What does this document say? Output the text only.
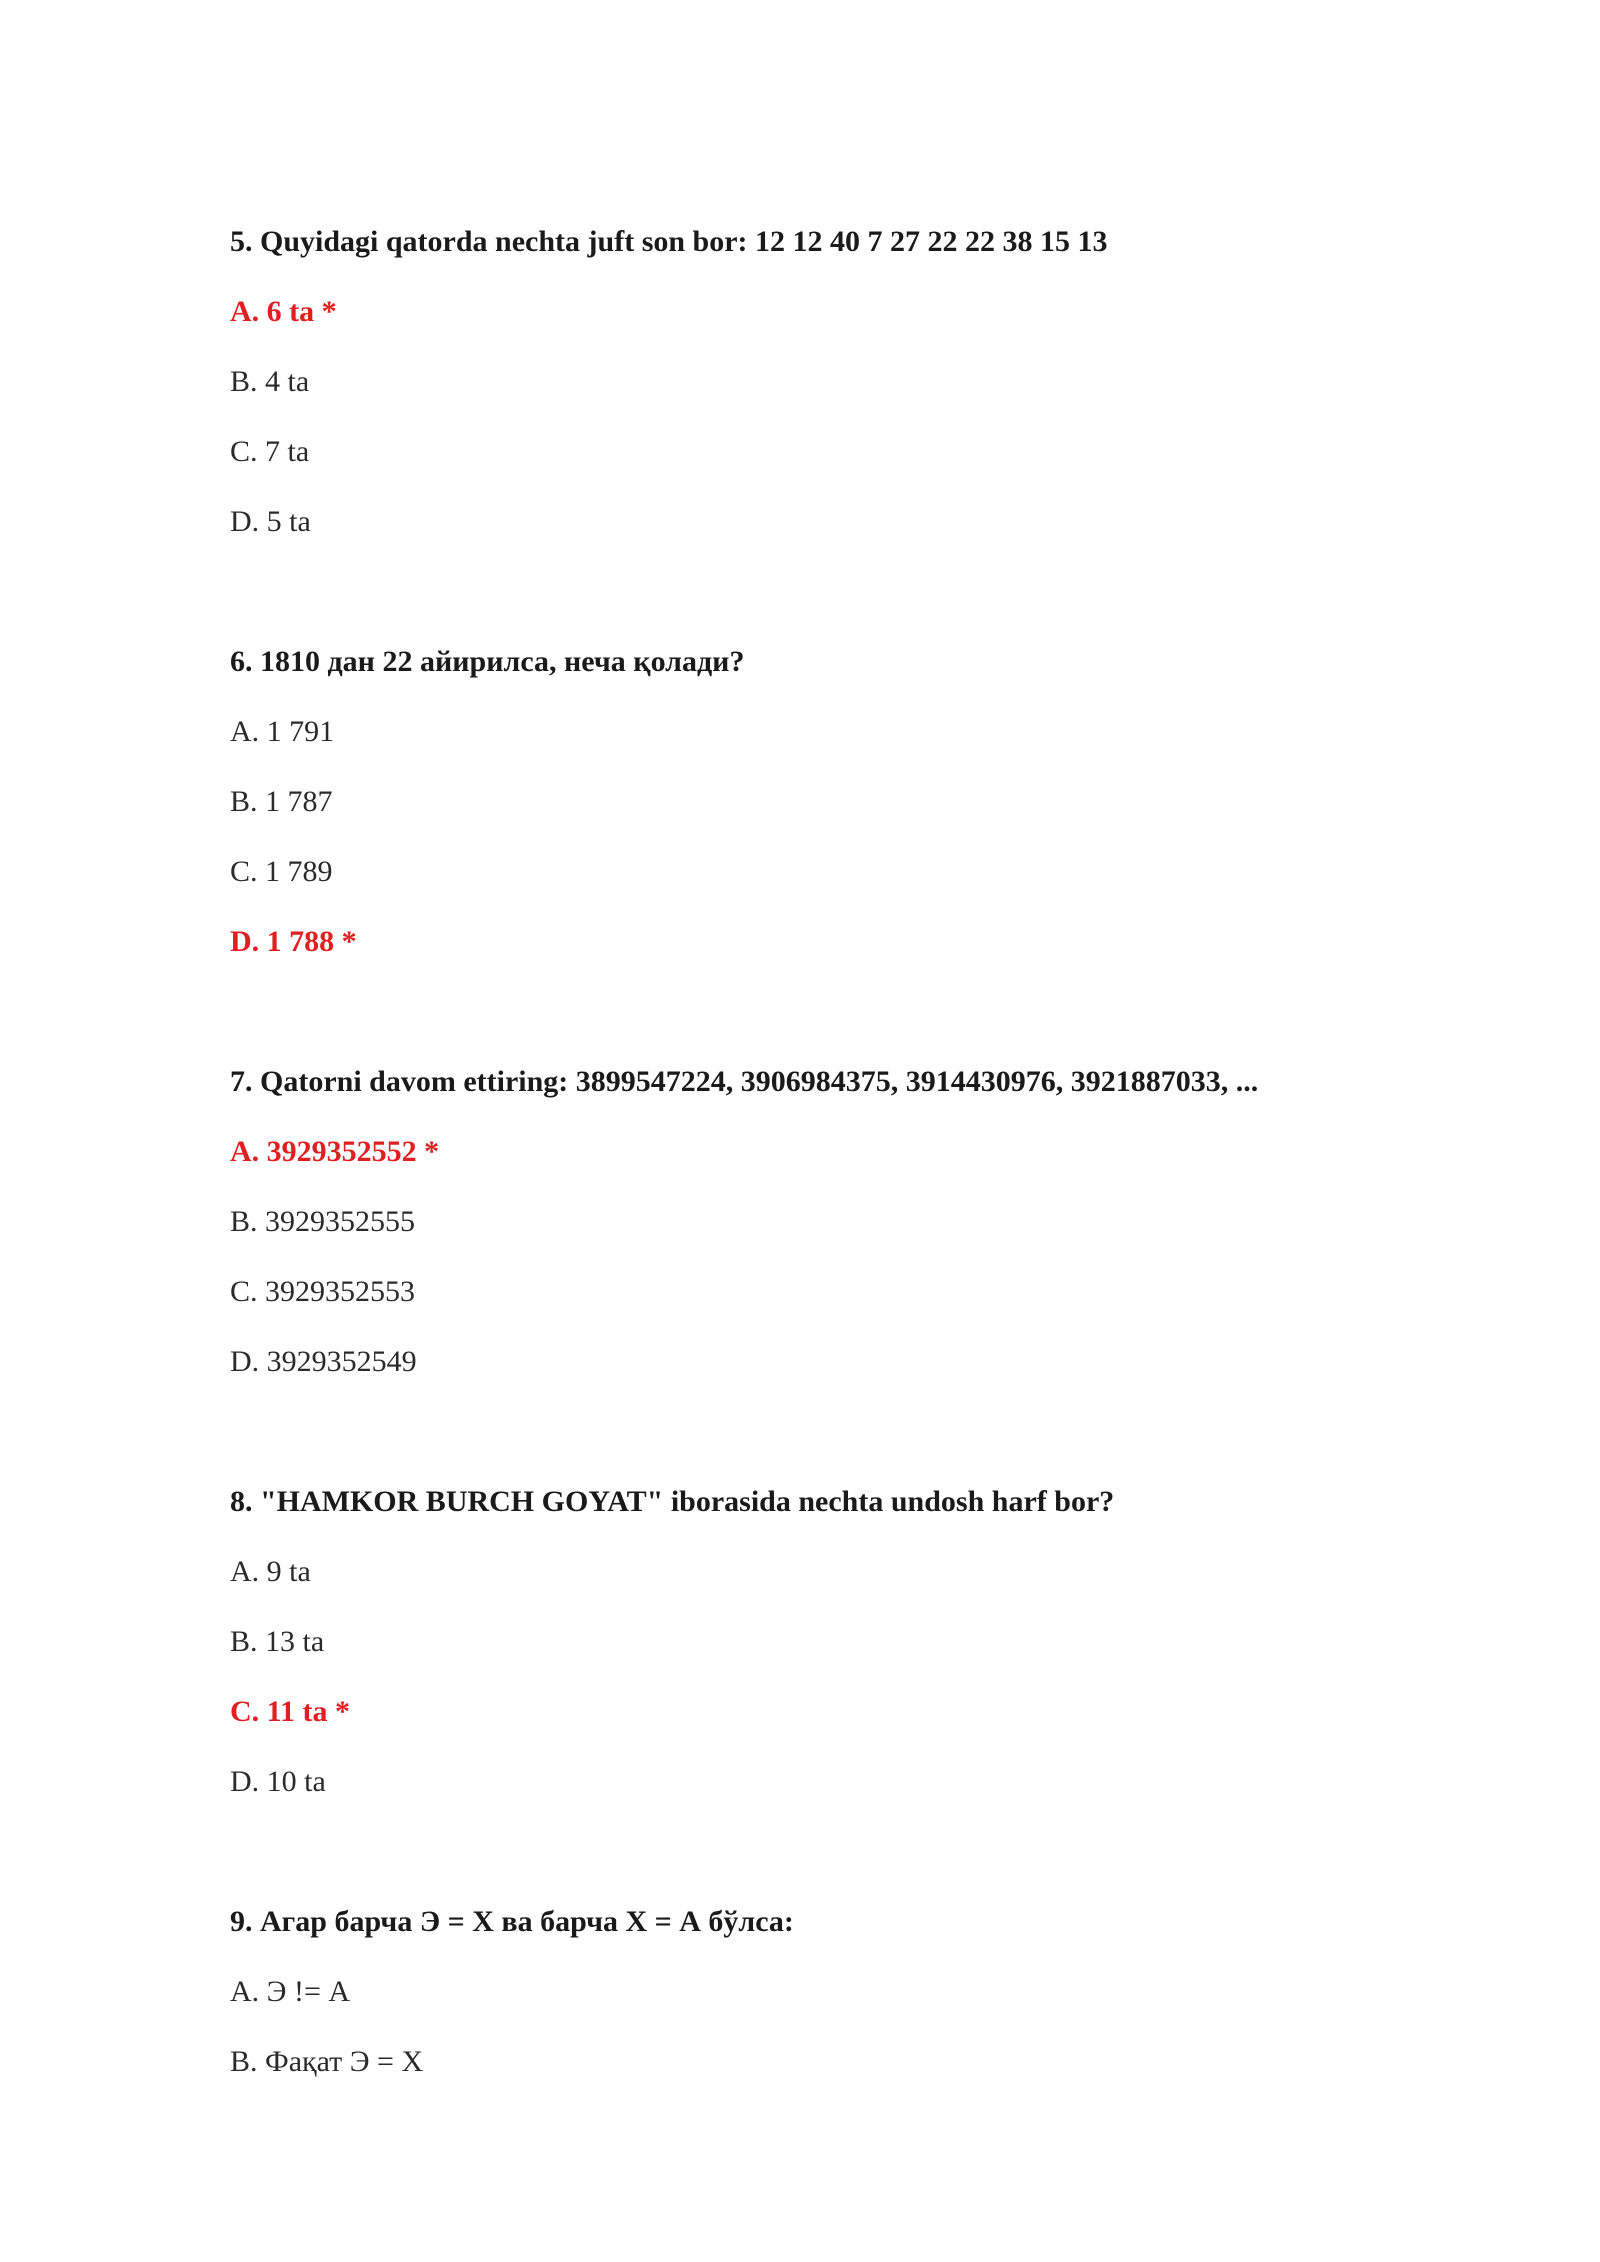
5. Quyidagi qatorda nechta juft son bor: 12 12 40 7 27 22 22 38 15 13
A. 6 ta *
B. 4 ta
C. 7 ta
D. 5 ta
6. 1810 дан 22 айирилса, неча қолади?
A. 1 791
B. 1 787
C. 1 789
D. 1 788 *
7. Qatorni davom ettiring: 3899547224, 3906984375, 3914430976, 3921887033, ...
A. 3929352552 *
B. 3929352555
C. 3929352553
D. 3929352549
8. "HAMKOR BURCH GOYAT" iborasida nechta undosh harf bor?
A. 9 ta
B. 13 ta
C. 11 ta *
D. 10 ta
9. Агар барча Э = Х ва барча Х = А бўлса:
A. Э != A
B. Фақат Э = Х
